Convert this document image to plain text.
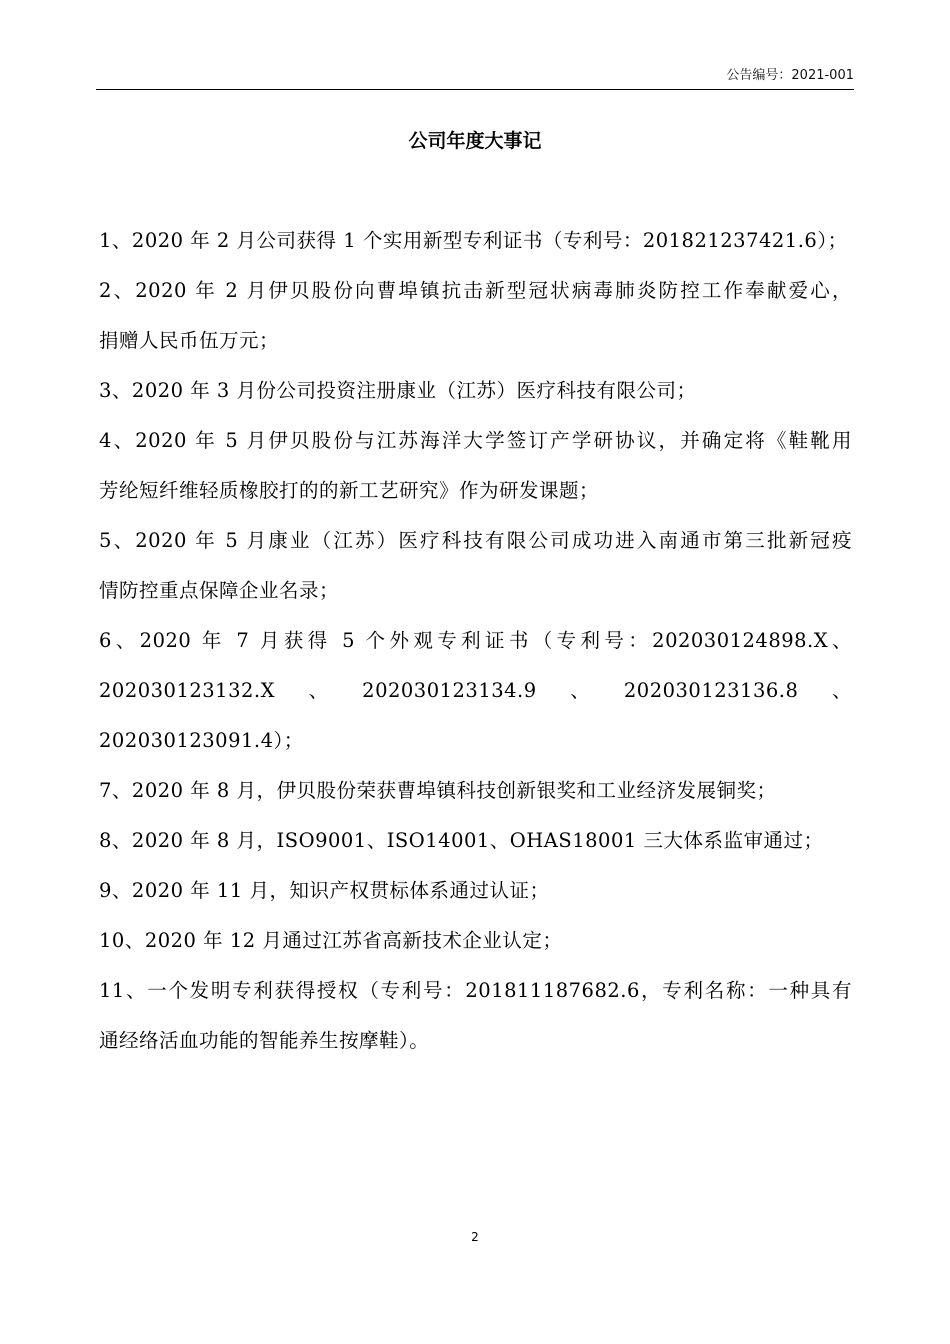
公告编号：2021-001
公司年度大事记
1、2020 年 2 月公司获得 1 个实用新型专利证书（专利号：201821237421.6）；
2、2020 年 2 月伊贝股份向曹埠镇抗击新型冠状病毒肺炎防控工作奉献爱心，
捐赠人民币伍万元；
3、2020 年 3 月份公司投资注册康业（江苏）医疗科技有限公司；
4、2020 年 5 月伊贝股份与江苏海洋大学签订产学研协议，并确定将《鞋靴用
芳纶短纤维轻质橡胶打的的新工艺研究》作为研发课题；
5、2020 年 5 月康业（江苏）医疗科技有限公司成功进入南通市第三批新冠疫
情防控重点保障企业名录；
6、2020 年 7 月获得 5 个外观专利证书（专利号：202030124898.X、
202030123132.X、202030123134.9、202030123136.8、202030123091.4）；
7、2020 年 8 月，伊贝股份荣获曹埠镇科技创新银奖和工业经济发展铜奖；
8、2020 年 8 月，ISO9001、ISO14001、OHAS18001 三大体系监审通过；
9、2020 年 11 月，知识产权贯标体系通过认证；
10、2020 年 12 月通过江苏省高新技术企业认定；
11、一个发明专利获得授权（专利号：201811187682.6，专利名称：一种具有
通经络活血功能的智能养生按摩鞋）。
2
